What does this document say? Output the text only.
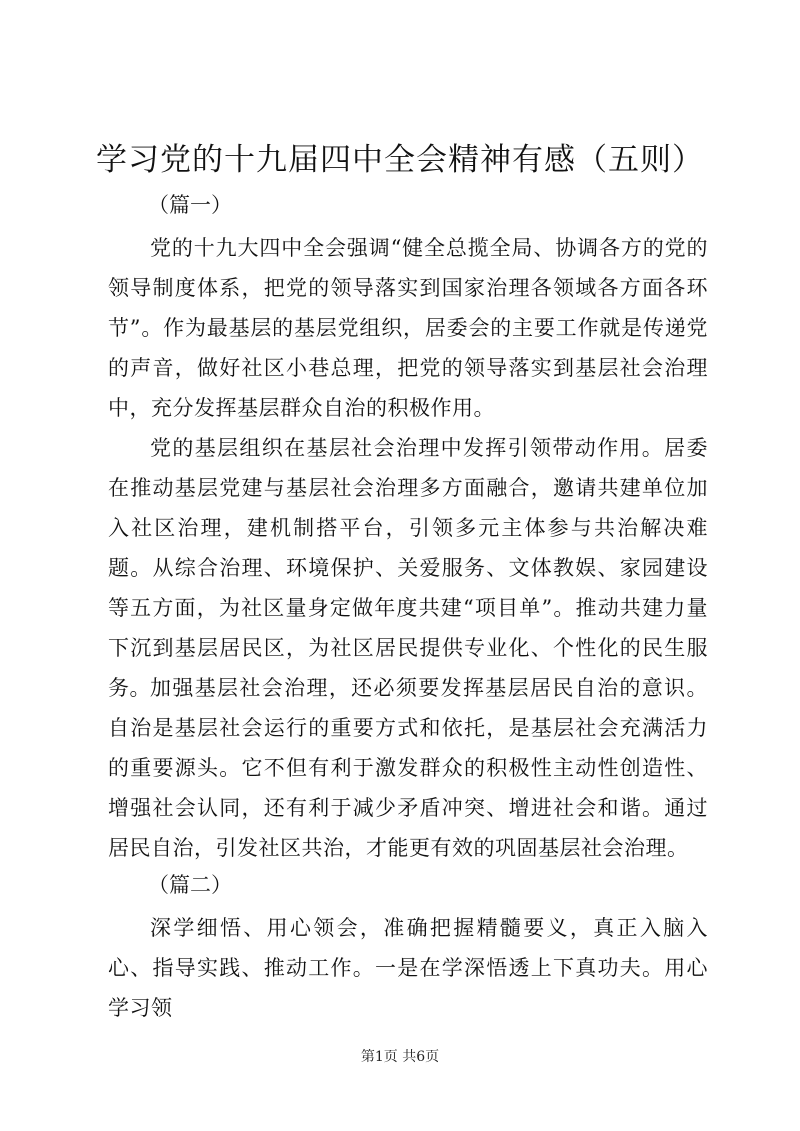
学习党的十九届四中全会精神有感（五则）
（篇一）

党的十九大四中全会强调“健全总揽全局、协调各方的党的领导制度体系，把党的领导落实到国家治理各领域各方面各环节”。作为最基层的基层党组织，居委会的主要工作就是传递党的声音，做好社区小巷总理，把党的领导落实到基层社会治理中，充分发挥基层群众自治的积极作用。

党的基层组织在基层社会治理中发挥引领带动作用。居委在推动基层党建与基层社会治理多方面融合，邀请共建单位加入社区治理，建机制搭平台，引领多元主体参与共治解决难题。从综合治理、环境保护、关爱服务、文体教娱、家园建设等五方面，为社区量身定做年度共建“项目单”。推动共建力量下沉到基层居民区，为社区居民提供专业化、个性化的民生服务。 加强基层社会治理，还必须要发挥基层居民自治的意识。自治是基层社会运行的重要方式和依托，是基层社会充满活力的重要源头。它不但有利于激发群众的积极性主动性创造性、增强社会认同，还有利于减少矛盾冲突、增进社会和谐。通过居民自治，引发社区共治，才能更有效的巩固基层社会治理。

（篇二）

深学细悟、用心领会，准确把握精髓要义，真正入脑入心、指导实践、推动工作。一是在学深悟透上下真功夫。用心学习领

第1页 共6页
